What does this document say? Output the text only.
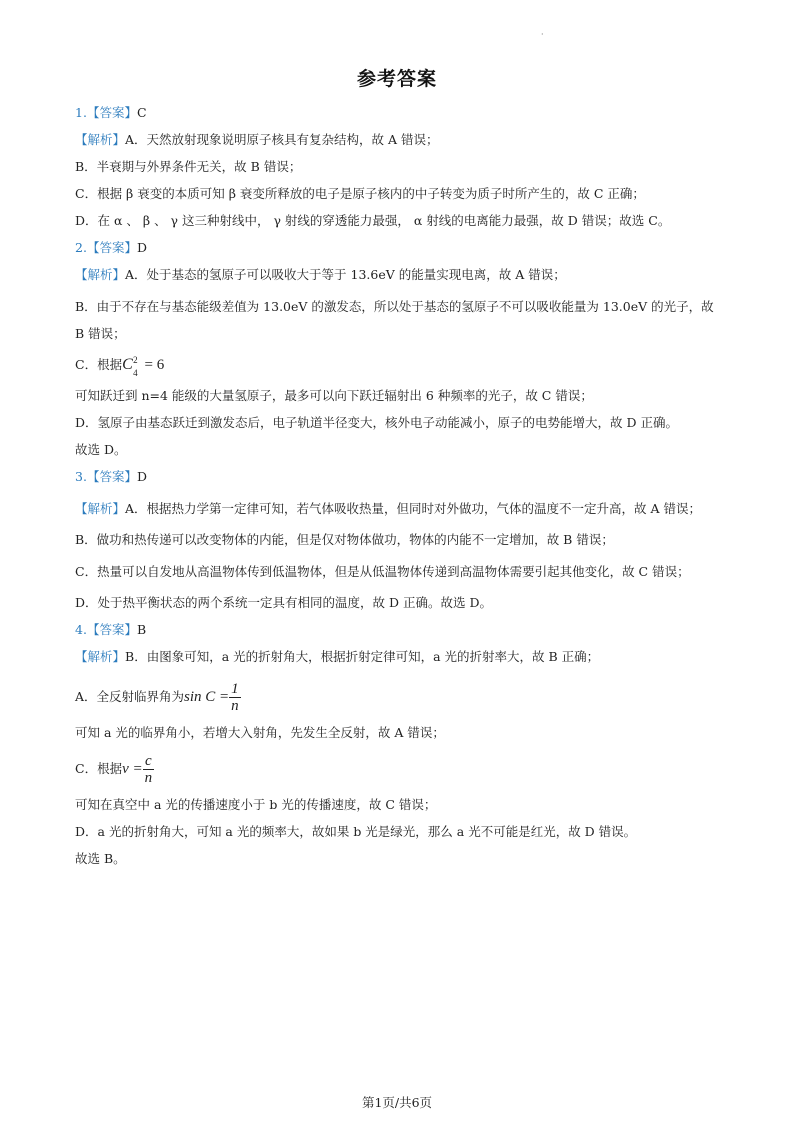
·
参考答案

1.【答案】C

【解析】A．天然放射现象说明原子核具有复杂结构，故 A 错误；

B．半衰期与外界条件无关，故 B 错误；

C．根据 β 衰变的本质可知 β 衰变所释放的电子是原子核内的中子转变为质子时所产生的，故 C 正确；

D．在 α 、 β 、 γ 这三种射线中， γ 射线的穿透能力最强， α 射线的电离能力最强，故 D 错误；故选 C。

2.【答案】D

【解析】A．处于基态的氢原子可以吸收大于等于 13.6eV 的能量实现电离，故 A 错误；

B．由于不存在与基态能级差值为 13.0eV 的激发态，所以处于基态的氢原子不可以吸收能量为 13.0eV 的光子，故 B 错误；

C．根据C 2
4 = 6

可知跃迁到 n=4 能级的大量氢原子，最多可以向下跃迁辐射出 6 种频率的光子，故 C 错误；

D．氢原子由基态跃迁到激发态后，电子轨道半径变大，核外电子动能减小，原子的电势能增大，故 D 正确。

故选 D。

3.【答案】D

【解析】A．根据热力学第一定律可知，若气体吸收热量，但同时对外做功，气体的温度不一定升高，故 A 错误；

B．做功和热传递可以改变物体的内能，但是仅对物体做功，物体的内能不一定增加，故 B 错误；

C．热量可以自发地从高温物体传到低温物体，但是从低温物体传递到高温物体需要引起其他变化，故 C 错误；

D．处于热平衡状态的两个系统一定具有相同的温度，故 D 正确。故选 D。

4.【答案】B

【解析】B．由图象可知，a 光的折射角大，根据折射定律可知，a 光的折射率大，故 B 正确；

A．全反射临界角为$\sin C = \frac{1}{n}$

可知 a 光的临界角小，若增大入射角，先发生全反射，故 A 错误；

C．根据$v = \frac{c}{n}$

可知在真空中 a 光的传播速度小于 b 光的传播速度，故 C 错误；

D．a 光的折射角大，可知 a 光的频率大，故如果 b 光是绿光，那么 a 光不可能是红光，故 D 错误。

故选 B。

第1页/共6页
